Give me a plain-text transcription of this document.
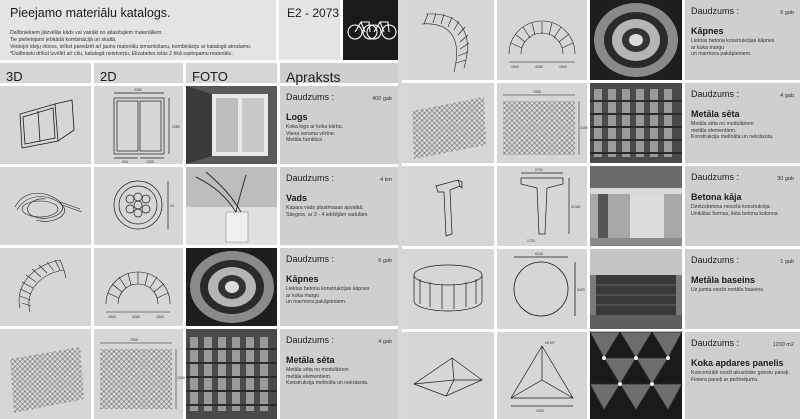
Pieejamo materiālu katalogs.

Dalībniekiem jāizvēlās kāds vai vairāki no atlasītajiem materiāliem.

Tie pielietojami jebkādā kombinācijā un skaitā.

Veidojot idejų skices, drīkst paredzēt arī jaunu materiālu izmantošanu, kombināciju ar katalogā atrodamo.

*Dalībnieki drīkst izvēlēt arī citu, katalogā neietvertu, Elizabetes ielas 2 ēkā sastopamu materiālu.

E2 - 2073
3D	2D	FOTO	Apraksts
2280
2280
900	1260
Daudzums :	400 gab
Logs

Koka logs ar koka kārbu.

Viena verama vērtne.

Metāla furnitūra

15
Daudzums :	4 km
Vads

Kapara vads plastmasas apvalkā.

Stiegros, ar 2 - 4 iekšējām vadulām.

1840	4260	1840
Daudzums :	6 gab
Kāpnes

Liektas betona konstrukcijas kāpnes

ar koka margu

un marmora pakāpieniem.

7090
2400
Daudzums :	4 gab
Metāla sēta

Metāla sēta no modulāriem

metāla elementiem.

Konstrukcija metināta un nekrāsota.

1840	4260	1840
Daudzums :	6 gab
Kāpnes

Liektas betona konstrukcijas kāpnes

ar koka margu

un marmora pakāpieniem.

7090
2400
Daudzums :	4 gab
Metāla sēta

Metāla sēta no modulāriem

metāla elementiem.

Konstrukcija metināta un nekrāsota.

2700
11360
1720
Daudzums :	30 gab
Betona kāja

Dzelzsbetona nesošā konstrukcija.

Unikālas formas, lieta betona kolonna.

6240
3420
Daudzums :	1 gab
Metāla baseins

Uz jumta esošs metāla baseins.

60.00°
1630
Daudzums :	1200 m2
Koka apdares panelis

Koncertzālē esoši akustiskie griestu paneļi.

Finiera paneļi ar perforējumu.
